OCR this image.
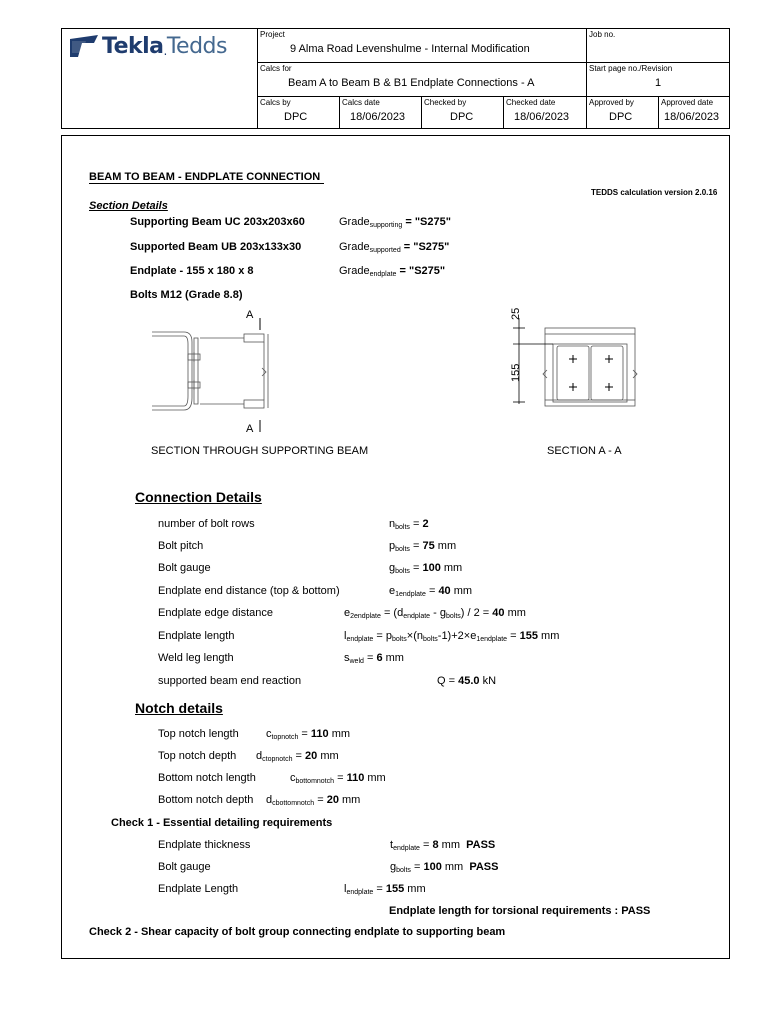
Tekla . Tedds	Project
9 Alma Road Levenshulme - Internal Modification
Job no.
Calcs for
Beam A to Beam B & B1 Endplate Connections - A
Start page no./Revision
1
Calcs by
DPC
Calcs date
18/06/2023
Checked by
DPC
Checked date
18/06/2023
Approved by
DPC
Approved date
18/06/2023
BEAM TO BEAM - ENDPLATE CONNECTION
TEDDS calculation version 2.0.16
Section Details
Supporting Beam UC 203x203x60	Grade$_{supporting}$ = "S275"
Supported Beam UB 203x133x30	Grade$_{supported}$ = "S275"
Endplate - 155 x 180 x 8	Grade$_{endplate}$ = "S275"
Bolts M12 (Grade 8.8)
A
A
25
155
SECTION THROUGH SUPPORTING BEAM	SECTION A - A
Connection Details
number of bolt rows	$n_{bolts} = 2$
Bolt pitch	$p_{bolts} = 75$ mm
Bolt gauge	$g_{bolts} = 100$ mm
Endplate end distance (top & bottom)	$e_{1endplate} = 40$ mm
Weld leg length	$s_{weld} = 6$ mm
Endplate edge distance	$e_{2endplate} = (d_{endplate} - g_{bolts}) / 2 = 40$ mm
Endplate length	$l_{endplate} = p_{bolts}\times(n_{bolts}-1)+2\times e_{1endplate} = 155$ mm
supported beam end reaction	Q = 45.0 kN
Notch details
Top notch length $c_{topnotch} = 110$ mm
Top notch depth $d_{ctopnotch} = 20$ mm
Bottom notch length	$c_{bottomnotch} = 110$ mm
Bottom notch depth $d_{cbottomnotch} = 20$ mm
Check 1 - Essential detailing requirements
Endplate thickness	$t_{endplate} = 8$ mm PASS
Bolt gauge	$g_{bolts} = 100$ mm PASS
Endplate Length	$l_{endplate} = 155$ mm
Endplate length for torsional requirements : PASS
Check 2 - Shear capacity of bolt group connecting endplate to supporting beam
